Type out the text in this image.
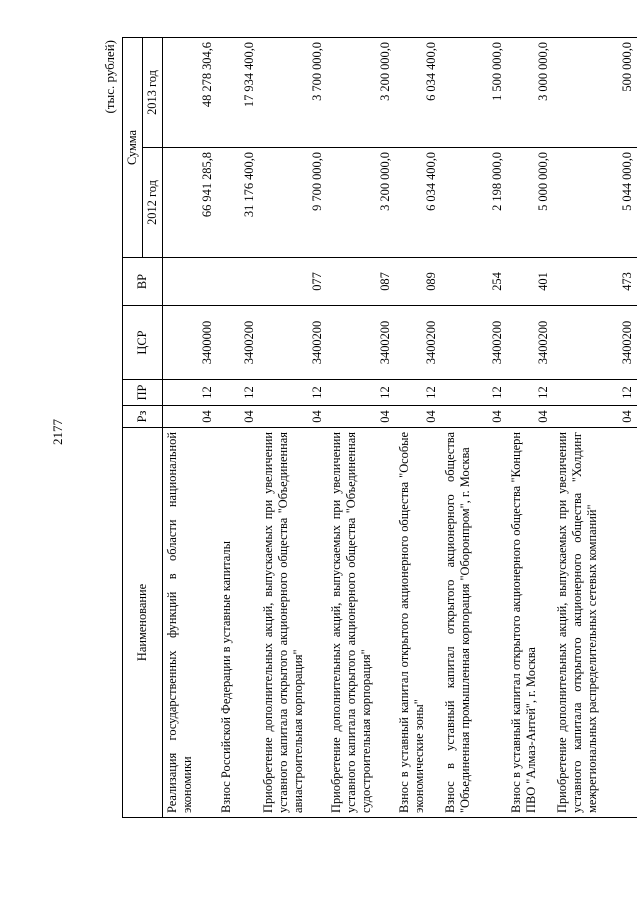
2177
(тыс. рублей)
Наименование	Рз	ПР	ЦСР	ВР	Сумма	
					2012 год	2013 год
Реализация государственных функций в области национальной экономики	04	12	3400000		66 941 285,8	48 278 304,6
Взнос Российской Федерации в уставные капиталы	04	12	3400200		31 176 400,0	17 934 400,0
Приобретение дополнительных акций, выпускаемых при увеличении уставного капитала открытого акционерного общества "Объединенная авиастроительная корпорация"	04	12	3400200	077	9 700 000,0	3 700 000,0
Приобретение дополнительных акций, выпускаемых при увеличении уставного капитала открытого акционерного общества "Объединенная судостроительная корпорация"	04	12	3400200	087	3 200 000,0	3 200 000,0
Взнос в уставный капитал открытого акционерного общества "Особые экономические зоны"	04	12	3400200	089	6 034 400,0	6 034 400,0
Взнос в уставный капитал открытого акционерного общества "Объединенная промышленная корпорация "Оборонпром", г. Москва	04	12	3400200	254	2 198 000,0	1 500 000,0
Взнос в уставный капитал открытого акционерного общества "Концерн ПВО "Алмаз-Антей", г. Москва	04	12	3400200	401	5 000 000,0	3 000 000,0
Приобретение дополнительных акций, выпускаемых при увеличении уставного капитала открытого акционерного общества "Холдинг межрегиональных распределительных сетевых компаний"	04	12	3400200	473	5 044 000,0	500 000,0
